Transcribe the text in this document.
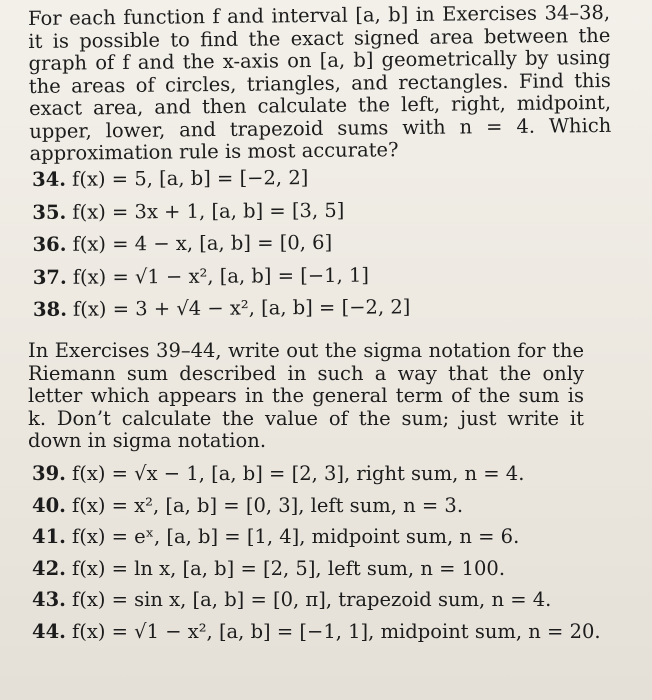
For each function f and interval [a, b] in Exercises 34–38, it is possible to find the exact signed area between the graph of f and the x-axis on [a, b] geometrically by using the areas of circles, triangles, and rectangles. Find this exact area, and then calculate the left, right, midpoint, upper, lower, and trapezoid sums with n = 4. Which approximation rule is most accurate?

34. f(x) = 5, [a, b] = [−2, 2]
35. f(x) = 3x + 1, [a, b] = [3, 5]
36. f(x) = 4 − x, [a, b] = [0, 6]
37. f(x) = √1 − x², [a, b] = [−1, 1]
38. f(x) = 3 + √4 − x², [a, b] = [−2, 2]

In Exercises 39–44, write out the sigma notation for the Riemann sum described in such a way that the only letter which appears in the general term of the sum is k. Don’t calculate the value of the sum; just write it down in sigma notation.

39. f(x) = √x − 1, [a, b] = [2, 3], right sum, n = 4.
40. f(x) = x², [a, b] = [0, 3], left sum, n = 3.
41. f(x) = eˣ, [a, b] = [1, 4], midpoint sum, n = 6.
42. f(x) = ln x, [a, b] = [2, 5], left sum, n = 100.
43. f(x) = sin x, [a, b] = [0, π], trapezoid sum, n = 4.
44. f(x) = √1 − x², [a, b] = [−1, 1], midpoint sum, n = 20.
